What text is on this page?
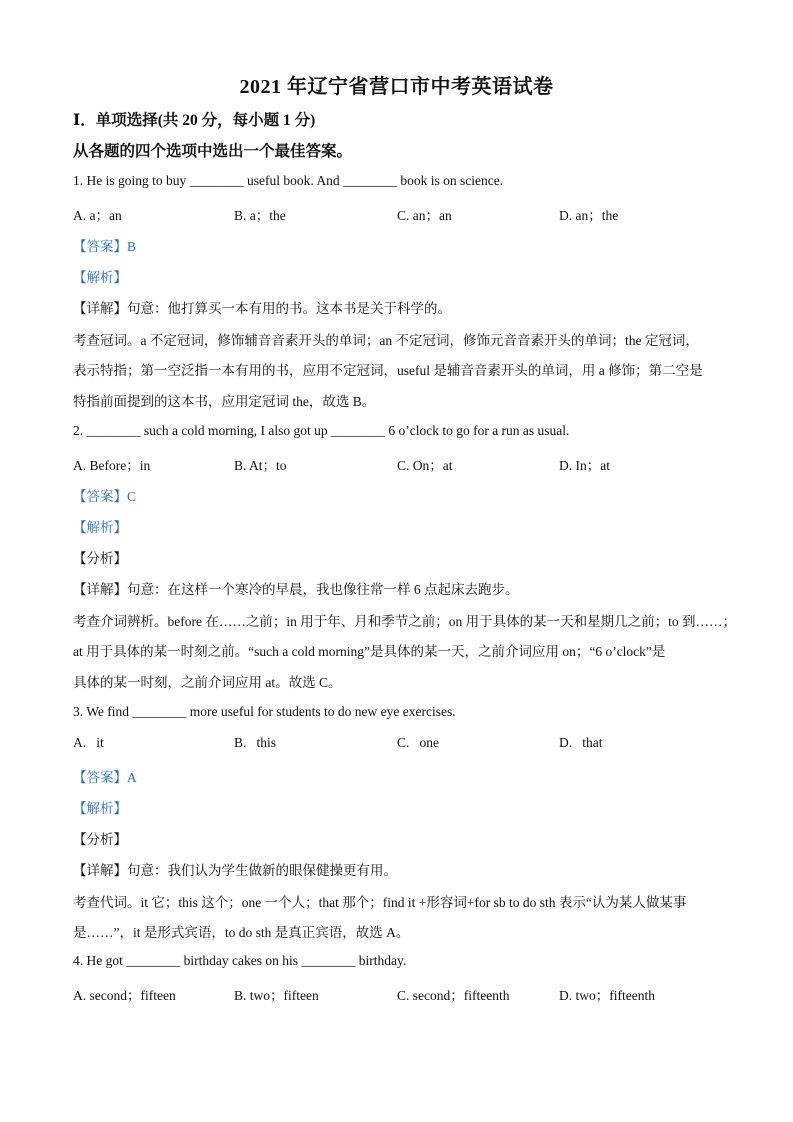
2021 年辽宁省营口市中考英语试卷
Ⅰ．单项选择(共 20 分，每小题 1 分)
从各题的四个选项中选出一个最佳答案。
1. He is going to buy ________ useful book. And ________ book is on science.
A. a；an	B. a；the	C. an；an	D. an；the
【答案】B
【解析】
【详解】句意：他打算买一本有用的书。这本书是关于科学的。
考查冠词。a 不定冠词，修饰辅音音素开头的单词；an 不定冠词，修饰元音音素开头的单词；the 定冠词，
表示特指；第一空泛指一本有用的书，应用不定冠词，useful 是辅音音素开头的单词，用 a 修饰；第二空是
特指前面提到的这本书，应用定冠词 the，故选 B。
2. ________ such a cold morning, I also got up ________ 6 o’clock to go for a run as usual.
A. Before；in	B. At；to	C. On；at	D. In；at
【答案】C
【解析】
【分析】
【详解】句意：在这样一个寒冷的早晨，我也像往常一样 6 点起床去跑步。
考查介词辨析。before 在……之前；in 用于年、月和季节之前；on 用于具体的某一天和星期几之前；to 到……；
at 用于具体的某一时刻之前。“such a cold morning”是具体的某一天，之前介词应用 on；“6 o’clock”是
具体的某一时刻，之前介词应用 at。故选 C。
3. We find ________ more useful for students to do new eye exercises.
A.   it	B.   this	C.   one	D.   that
【答案】A
【解析】
【分析】
【详解】句意：我们认为学生做新的眼保健操更有用。
考查代词。it 它；this 这个；one 一个人；that 那个；find it +形容词+for sb to do sth 表示“认为某人做某事
是……”，it 是形式宾语，to do sth 是真正宾语，故选 A。
4. He got ________ birthday cakes on his ________ birthday.
A. second；fifteen	B. two；fifteen	C. second；fifteenth	D. two；fifteenth
